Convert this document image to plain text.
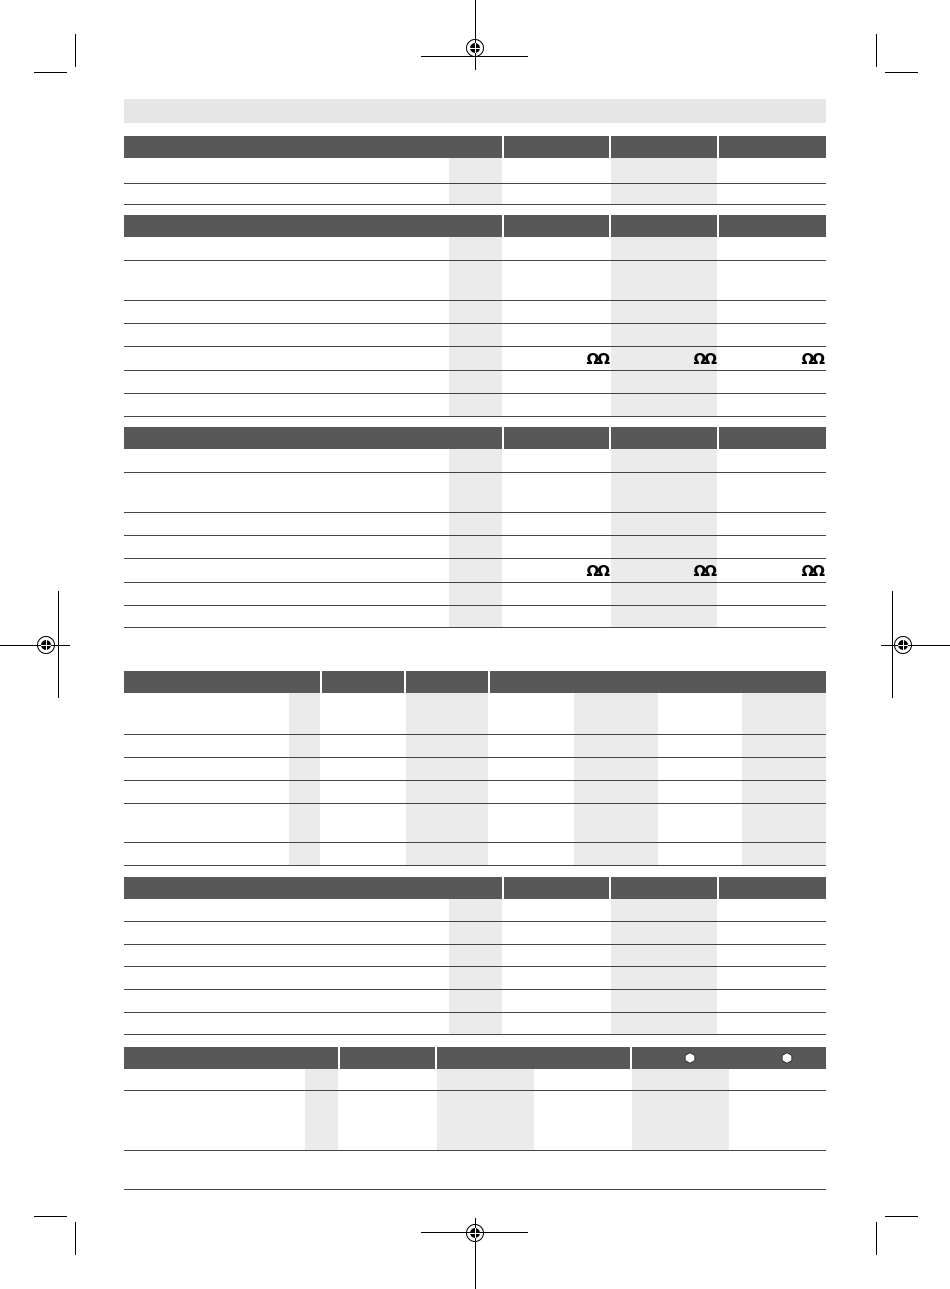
ΩΩ	ΩΩ	ΩΩ
ΩΩ	ΩΩ	ΩΩ
